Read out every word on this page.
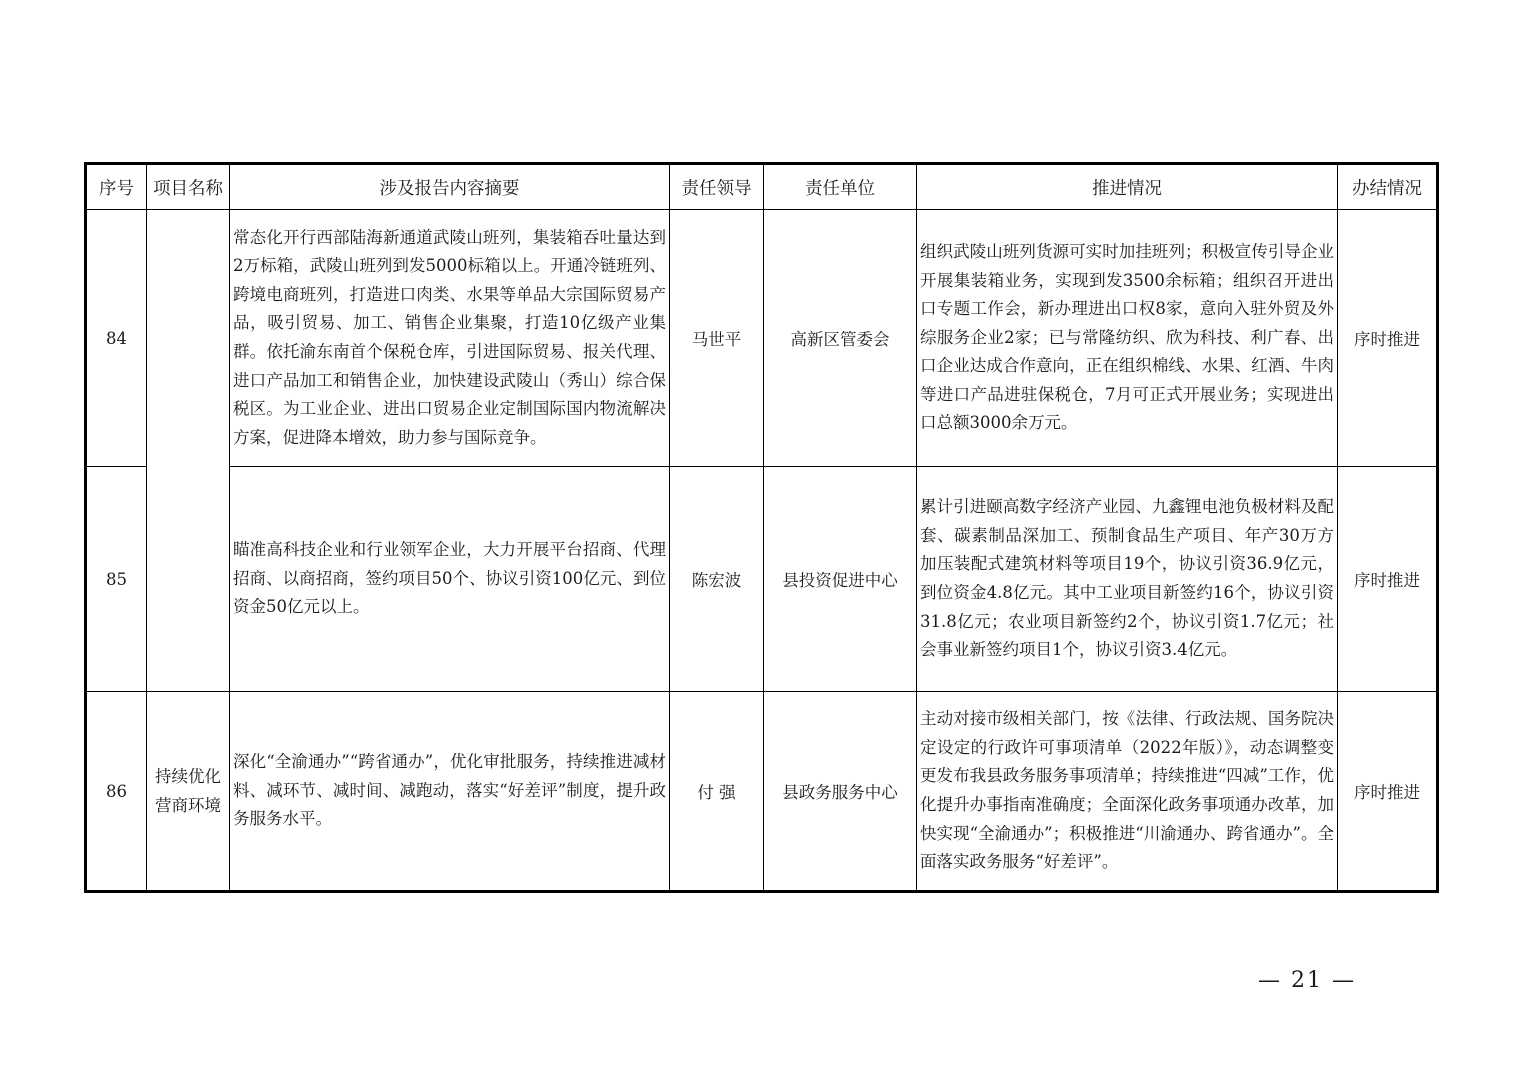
序号	项目名称	涉及报告内容摘要	责任领导	责任单位	推进情况	办结情况
84		常态化开行西部陆海新通道武陵山班列，集装箱吞吐量达到2万标箱，武陵山班列到发5000标箱以上。开通冷链班列、跨境电商班列，打造进口肉类、水果等单品大宗国际贸易产品，吸引贸易、加工、销售企业集聚，打造10亿级产业集群。依托渝东南首个保税仓库，引进国际贸易、报关代理、进口产品加工和销售企业，加快建设武陵山（秀山）综合保税区。为工业企业、进出口贸易企业定制国际国内物流解决方案，促进降本增效，助力参与国际竞争。	马世平	高新区管委会	组织武陵山班列货源可实时加挂班列；积极宣传引导企业开展集装箱业务，实现到发3500余标箱；组织召开进出口专题工作会，新办理进出口权8家，意向入驻外贸及外综服务企业2家；已与常隆纺织、欣为科技、利广春、出口企业达成合作意向，正在组织棉线、水果、红酒、牛肉等进口产品进驻保税仓，7月可正式开展业务；实现进出口总额3000余万元。	序时推进
85		瞄准高科技企业和行业领军企业，大力开展平台招商、代理招商、以商招商，签约项目50个、协议引资100亿元、到位资金50亿元以上。	陈宏波	县投资促进中心	累计引进颐高数字经济产业园、九鑫锂电池负极材料及配套、碳素制品深加工、预制食品生产项目、年产30万方加压装配式建筑材料等项目19个，协议引资36.9亿元，到位资金4.8亿元。其中工业项目新签约16个，协议引资31.8亿元；农业项目新签约2个，协议引资1.7亿元；社会事业新签约项目1个，协议引资3.4亿元。	序时推进
86	持续优化营商环境	深化“全渝通办”“跨省通办”，优化审批服务，持续推进减材料、减环节、减时间、减跑动，落实“好差评”制度，提升政务服务水平。	付 强	县政务服务中心	主动对接市级相关部门，按《法律、行政法规、国务院决定设定的行政许可事项清单（2022年版）》，动态调整变更发布我县政务服务事项清单；持续推进“四减”工作，优化提升办事指南准确度；全面深化政务事项通办改革，加快实现“全渝通办”；积极推进“川渝通办、跨省通办”。全面落实政务服务“好差评”。	序时推进
— 21 —
